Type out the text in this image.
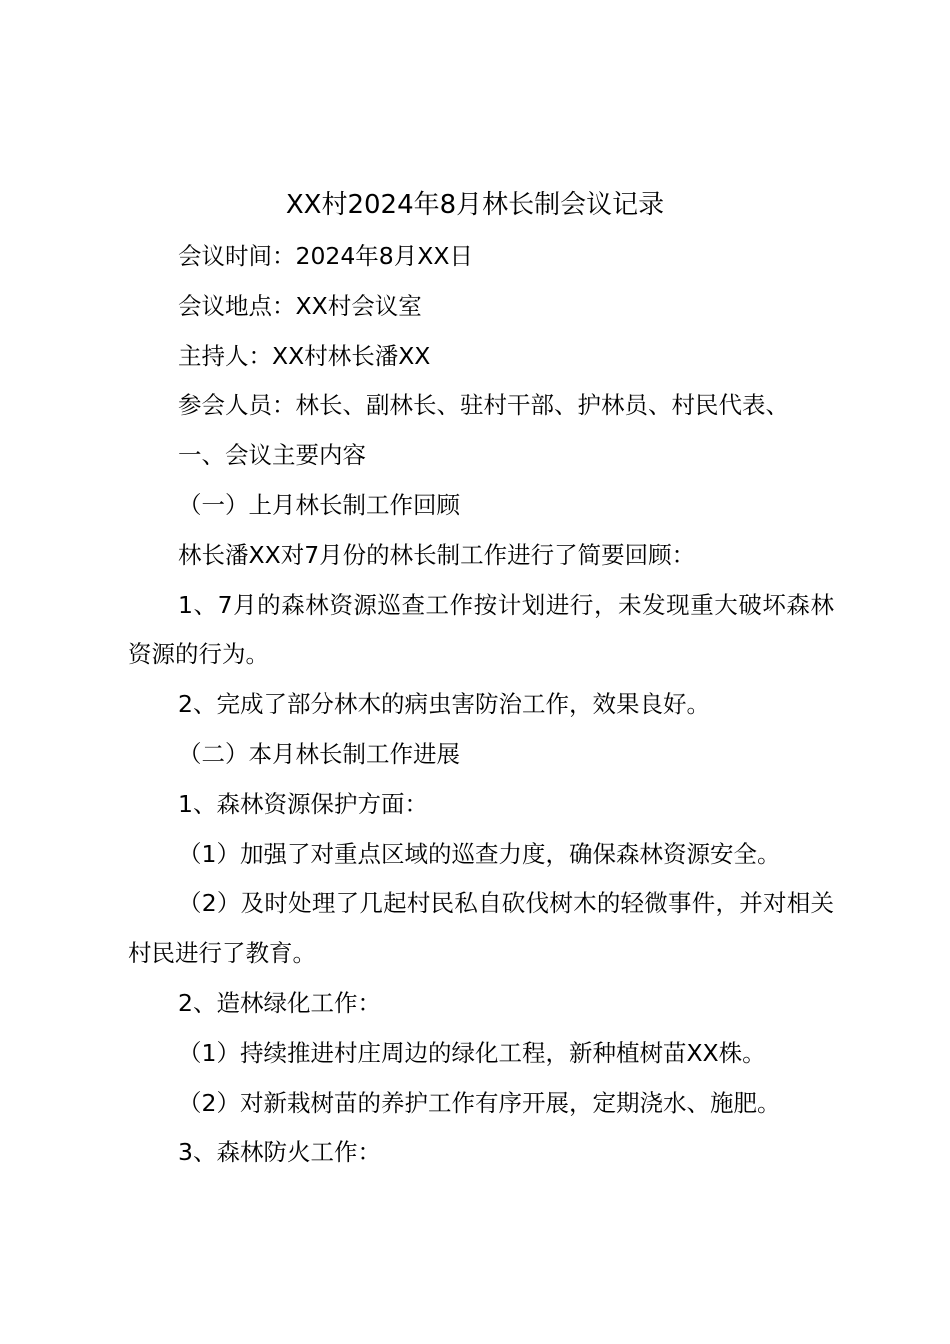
XX村2024年8月林长制会议记录

会议时间：2024年8月XX日

会议地点：XX村会议室

主持人：XX村林长潘XX

参会人员：林长、副林长、驻村干部、护林员、村民代表、

一、会议主要内容

（一）上月林长制工作回顾

林长潘XX对7月份的林长制工作进行了简要回顾：

1、7月的森林资源巡查工作按计划进行，未发现重大破坏森林资源的行为。

2、完成了部分林木的病虫害防治工作，效果良好。

（二）本月林长制工作进展

1、森林资源保护方面：

（1）加强了对重点区域的巡查力度，确保森林资源安全。

（2）及时处理了几起村民私自砍伐树木的轻微事件，并对相关村民进行了教育。

2、造林绿化工作：

（1）持续推进村庄周边的绿化工程，新种植树苗XX株。

（2）对新栽树苗的养护工作有序开展，定期浇水、施肥。

3、森林防火工作：
